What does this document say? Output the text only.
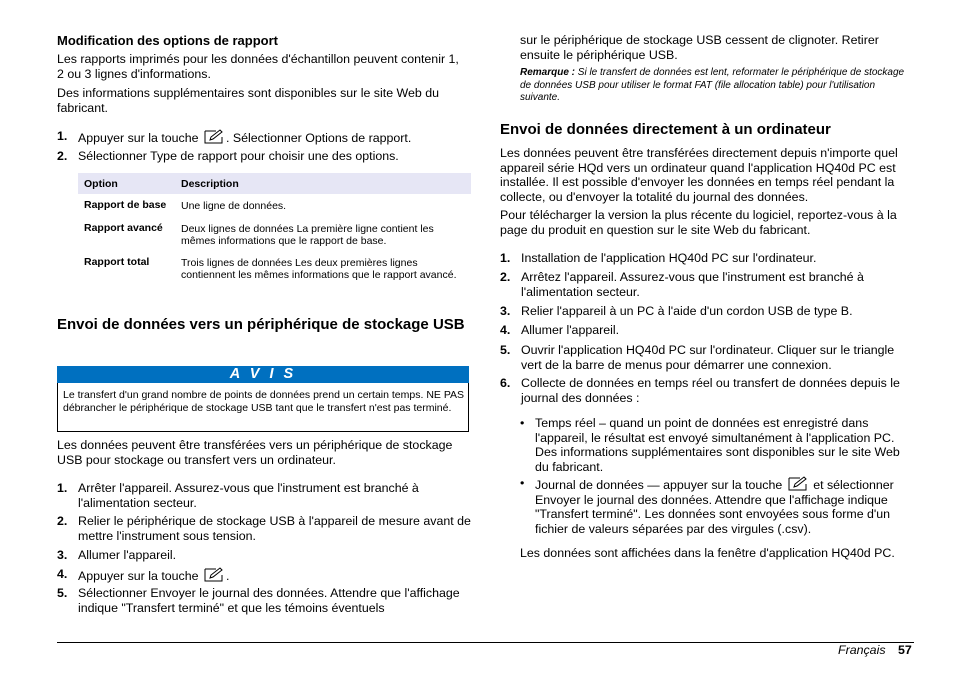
Modification des options de rapport
Les rapports imprimés pour les données d'échantillon peuvent contenir 1, 2 ou 3 lignes d'informations.
Des informations supplémentaires sont disponibles sur le site Web du fabricant.
1. Appuyer sur la touche . Sélectionner Options de rapport.
2. Sélectionner Type de rapport pour choisir une des options.
Option	Description
Rapport de base	Une ligne de données.
Rapport avancé	Deux lignes de données La première ligne contient les mêmes informations que le rapport de base.
Rapport total	Trois lignes de données Les deux premières lignes contiennent les mêmes informations que le rapport avancé.
Envoi de données vers un périphérique de stockage USB
A V I S
Le transfert d'un grand nombre de points de données prend un certain temps. NE PAS débrancher le périphérique de stockage USB tant que le transfert n'est pas terminé.
Les données peuvent être transférées vers un périphérique de stockage USB pour stockage ou transfert vers un ordinateur.
1. Arrêter l'appareil. Assurez-vous que l'instrument est branché à l'alimentation secteur.
2. Relier le périphérique de stockage USB à l'appareil de mesure avant de mettre l'instrument sous tension.
3. Allumer l'appareil.
4. Appuyer sur la touche .
5. Sélectionner Envoyer le journal des données. Attendre que l'affichage indique "Transfert terminé" et que les témoins éventuels
sur le périphérique de stockage USB cessent de clignoter. Retirer ensuite le périphérique USB.
Remarque : Si le transfert de données est lent, reformater le périphérique de stockage de données USB pour utiliser le format FAT (file allocation table) pour l'utilisation suivante.
Envoi de données directement à un ordinateur
Les données peuvent être transférées directement depuis n'importe quel appareil série HQd vers un ordinateur quand l'application HQ40d PC est installée. Il est possible d'envoyer les données en temps réel pendant la collecte, ou d'envoyer la totalité du journal des données.
Pour télécharger la version la plus récente du logiciel, reportez-vous à la page du produit en question sur le site Web du fabricant.
1. Installation de l'application HQ40d PC sur l'ordinateur.
2. Arrêtez l'appareil. Assurez-vous que l'instrument est branché à l'alimentation secteur.
3. Relier l'appareil à un PC à l'aide d'un cordon USB de type B.
4. Allumer l'appareil.
5. Ouvrir l'application HQ40d PC sur l'ordinateur. Cliquer sur le triangle vert de la barre de menus pour démarrer une connexion.
6. Collecte de données en temps réel ou transfert de données depuis le journal des données :
• Temps réel – quand un point de données est enregistré dans l'appareil, le résultat est envoyé simultanément à l'application PC. Des informations supplémentaires sont disponibles sur le site Web du fabricant.
• Journal de données — appuyer sur la touche  et sélectionner Envoyer le journal des données. Attendre que l'affichage indique "Transfert terminé". Les données sont envoyées sous forme d'un fichier de valeurs séparées par des virgules (.csv).
Les données sont affichées dans la fenêtre d'application HQ40d PC.
Français 57
